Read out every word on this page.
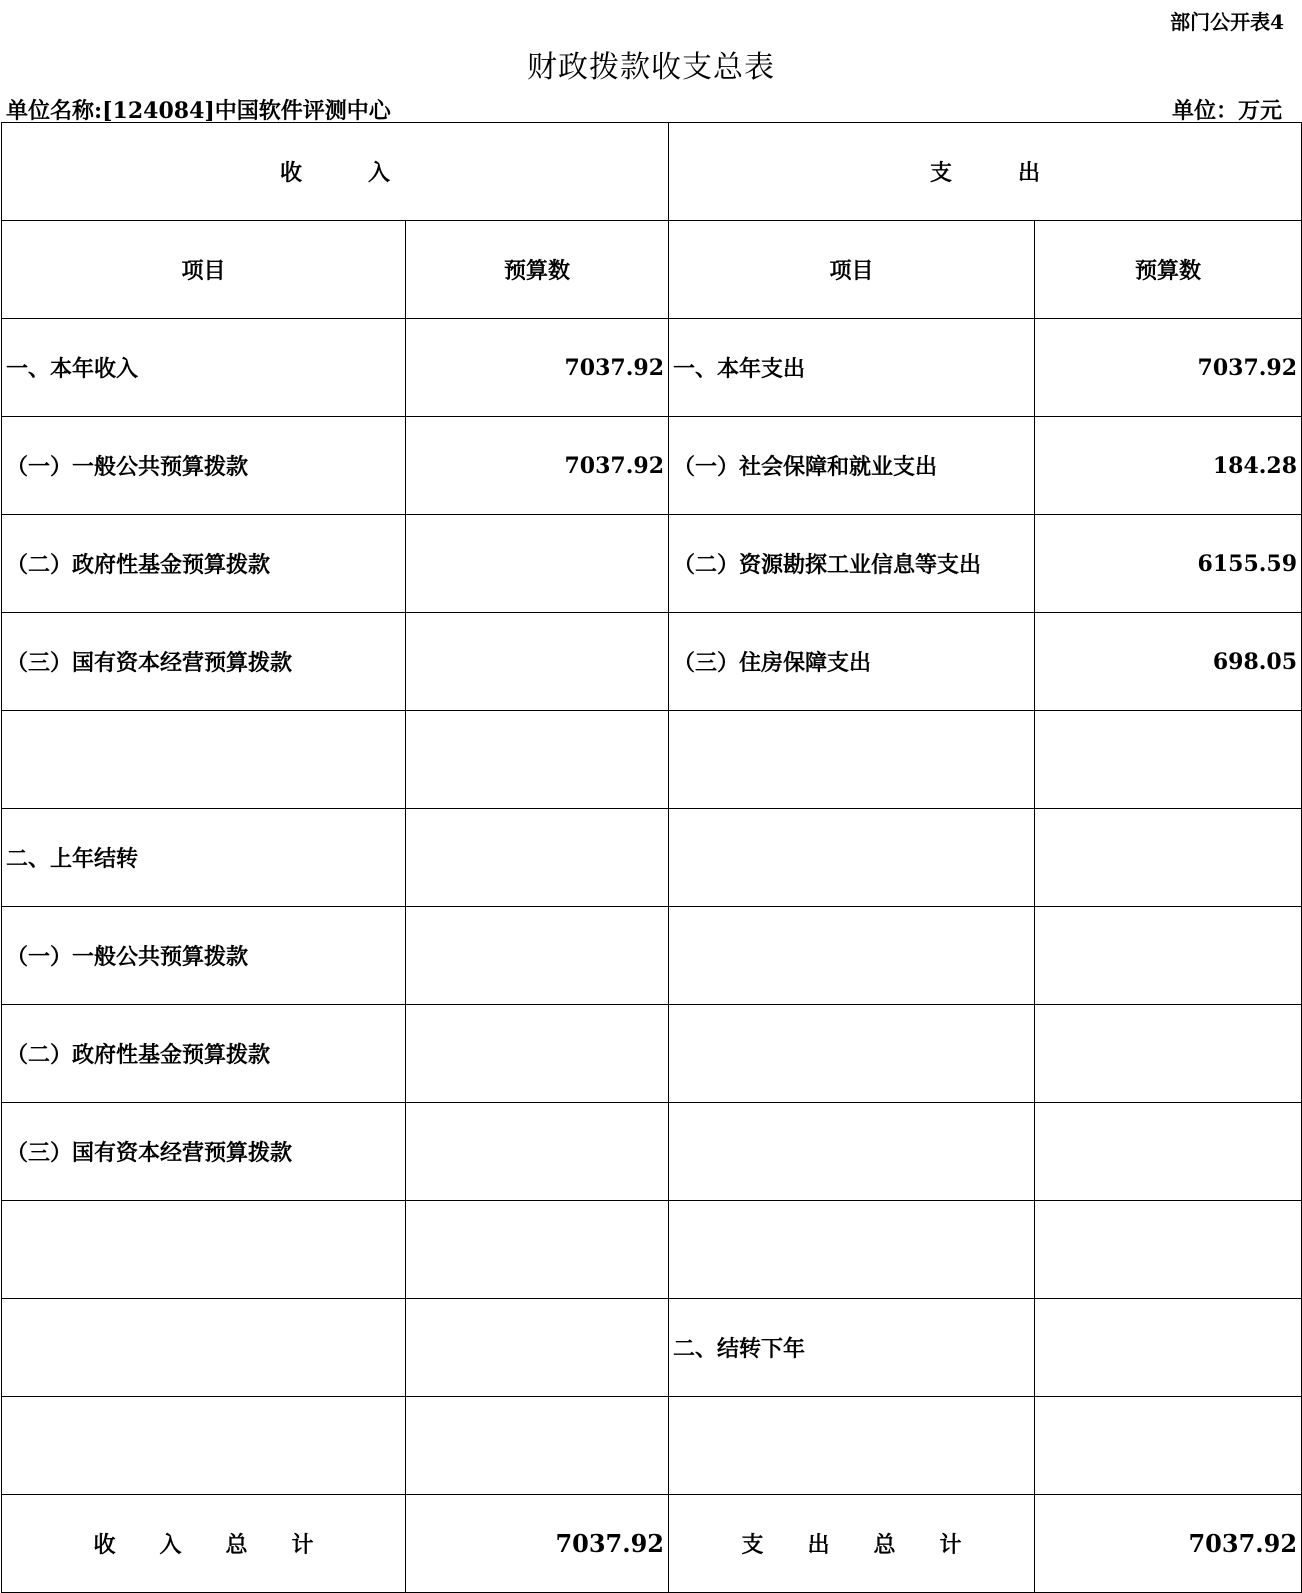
部门公开表4
财政拨款收支总表
单位名称:[124084]中国软件评测中心	单位：万元
收　　　入		支　　　出	
项目	预算数	项目	预算数
一、本年收入	7037.92	一、本年支出	7037.92
（一）一般公共预算拨款	7037.92	（一）社会保障和就业支出	184.28
（二）政府性基金预算拨款		（二）资源勘探工业信息等支出	6155.59
（三）国有资本经营预算拨款		（三）住房保障支出	698.05

二、上年结转			
（一）一般公共预算拨款			
（二）政府性基金预算拨款			
（三）国有资本经营预算拨款			

		二、结转下年	

收　　入　　总　　计	7037.92	支　　出　　总　　计	7037.92
